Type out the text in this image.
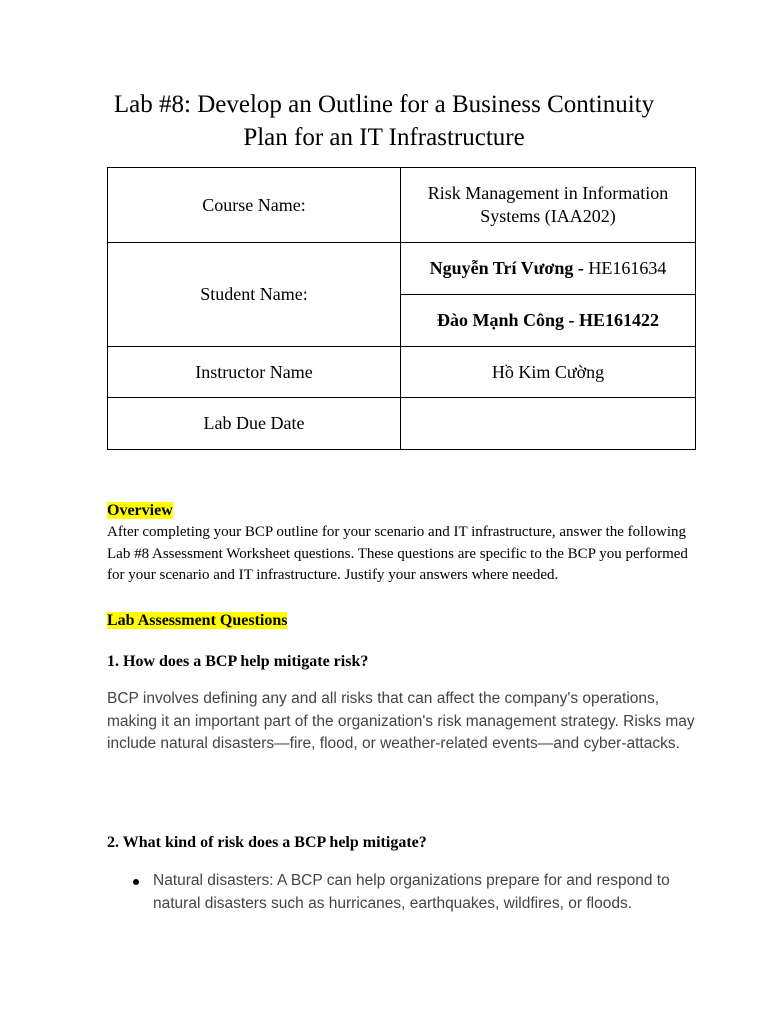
Lab #8: Develop an Outline for a Business Continuity
Plan for an IT Infrastructure
Course Name:	Risk Management in Information Systems (IAA202)
Student Name:	Nguyễn Trí Vương - HE161634
	Đào Mạnh Công - HE161422
Instructor Name	Hồ Kim Cường
Lab Due Date	
Overview
After completing your BCP outline for your scenario and IT infrastructure, answer the following Lab #8 Assessment Worksheet questions. These questions are specific to the BCP you performed for your scenario and IT infrastructure. Justify your answers where needed.
Lab Assessment Questions
1. How does a BCP help mitigate risk?
BCP involves defining any and all risks that can affect the company's operations, making it an important part of the organization's risk management strategy. Risks may include natural disasters—fire, flood, or weather-related events—and cyber-attacks.
2. What kind of risk does a BCP help mitigate?
Natural disasters: A BCP can help organizations prepare for and respond to natural disasters such as hurricanes, earthquakes, wildfires, or floods.
